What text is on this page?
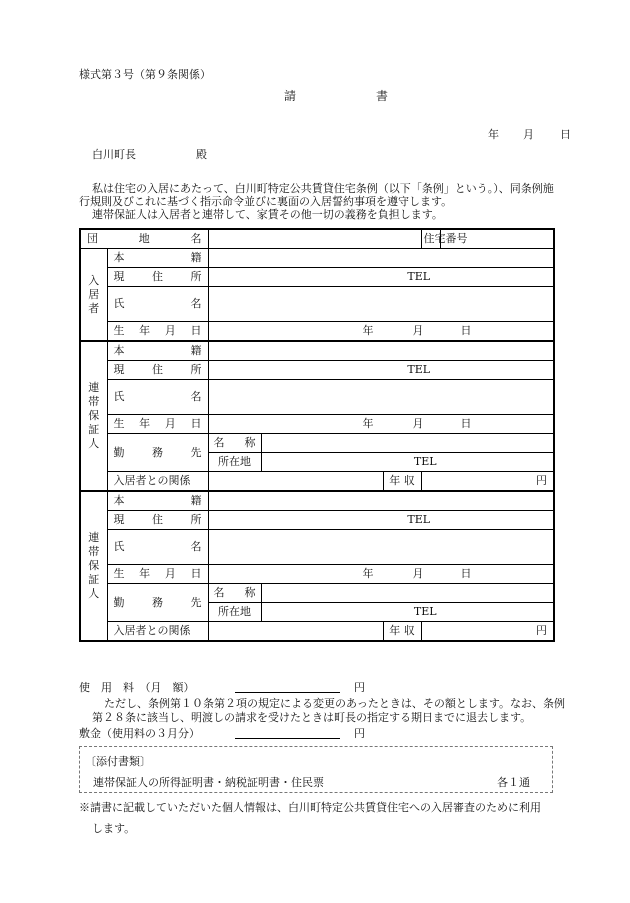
様式第３号（第９条関係）
請	書
年 月 日
白川町長	殿
私は住宅の入居にあたって、白川町特定公共賃貸住宅条例（以下「条例」という。）、同条例施
行規則及びこれに基づく指示命令並びに裏面の入居誓約事項を遵守します。
連帯保証人は入居者と連帯して、家賃その他一切の義務を負担します。
団 地 名					住宅番号	
入
居
者	本 籍					

	現 住 所	TEL				

	氏 名					

	生 年 月 日	年 月 日				

連
帯
保
証
人	本 籍					

	現 住 所	TEL				

	氏 名					

	生 年 月 日	年 月 日				

	勤 務 先	名 称				

		所在地	TEL			
	入居者との関係			年 収	円	
連
帯
保
証
人	本 籍					

	現 住 所	TEL				

	氏 名					

	生 年 月 日	年 月 日				

	勤 務 先	名 称				

		所在地	TEL			
	入居者との関係			年 収	円	
使　用　料　（月　額）	円
ただし、条例第１０条第２項の規定による変更のあったときは、その額とします。なお、条例
第２８条に該当し、明渡しの請求を受けたときは町長の指定する期日までに退去します。
敷金（使用料の３月分）	円
〔添付書類〕
連帯保証人の所得証明書・納税証明書・住民票	各１通
※請書に記載していただいた個人情報は、白川町特定公共賃貸住宅への入居審査のために利用
します。
